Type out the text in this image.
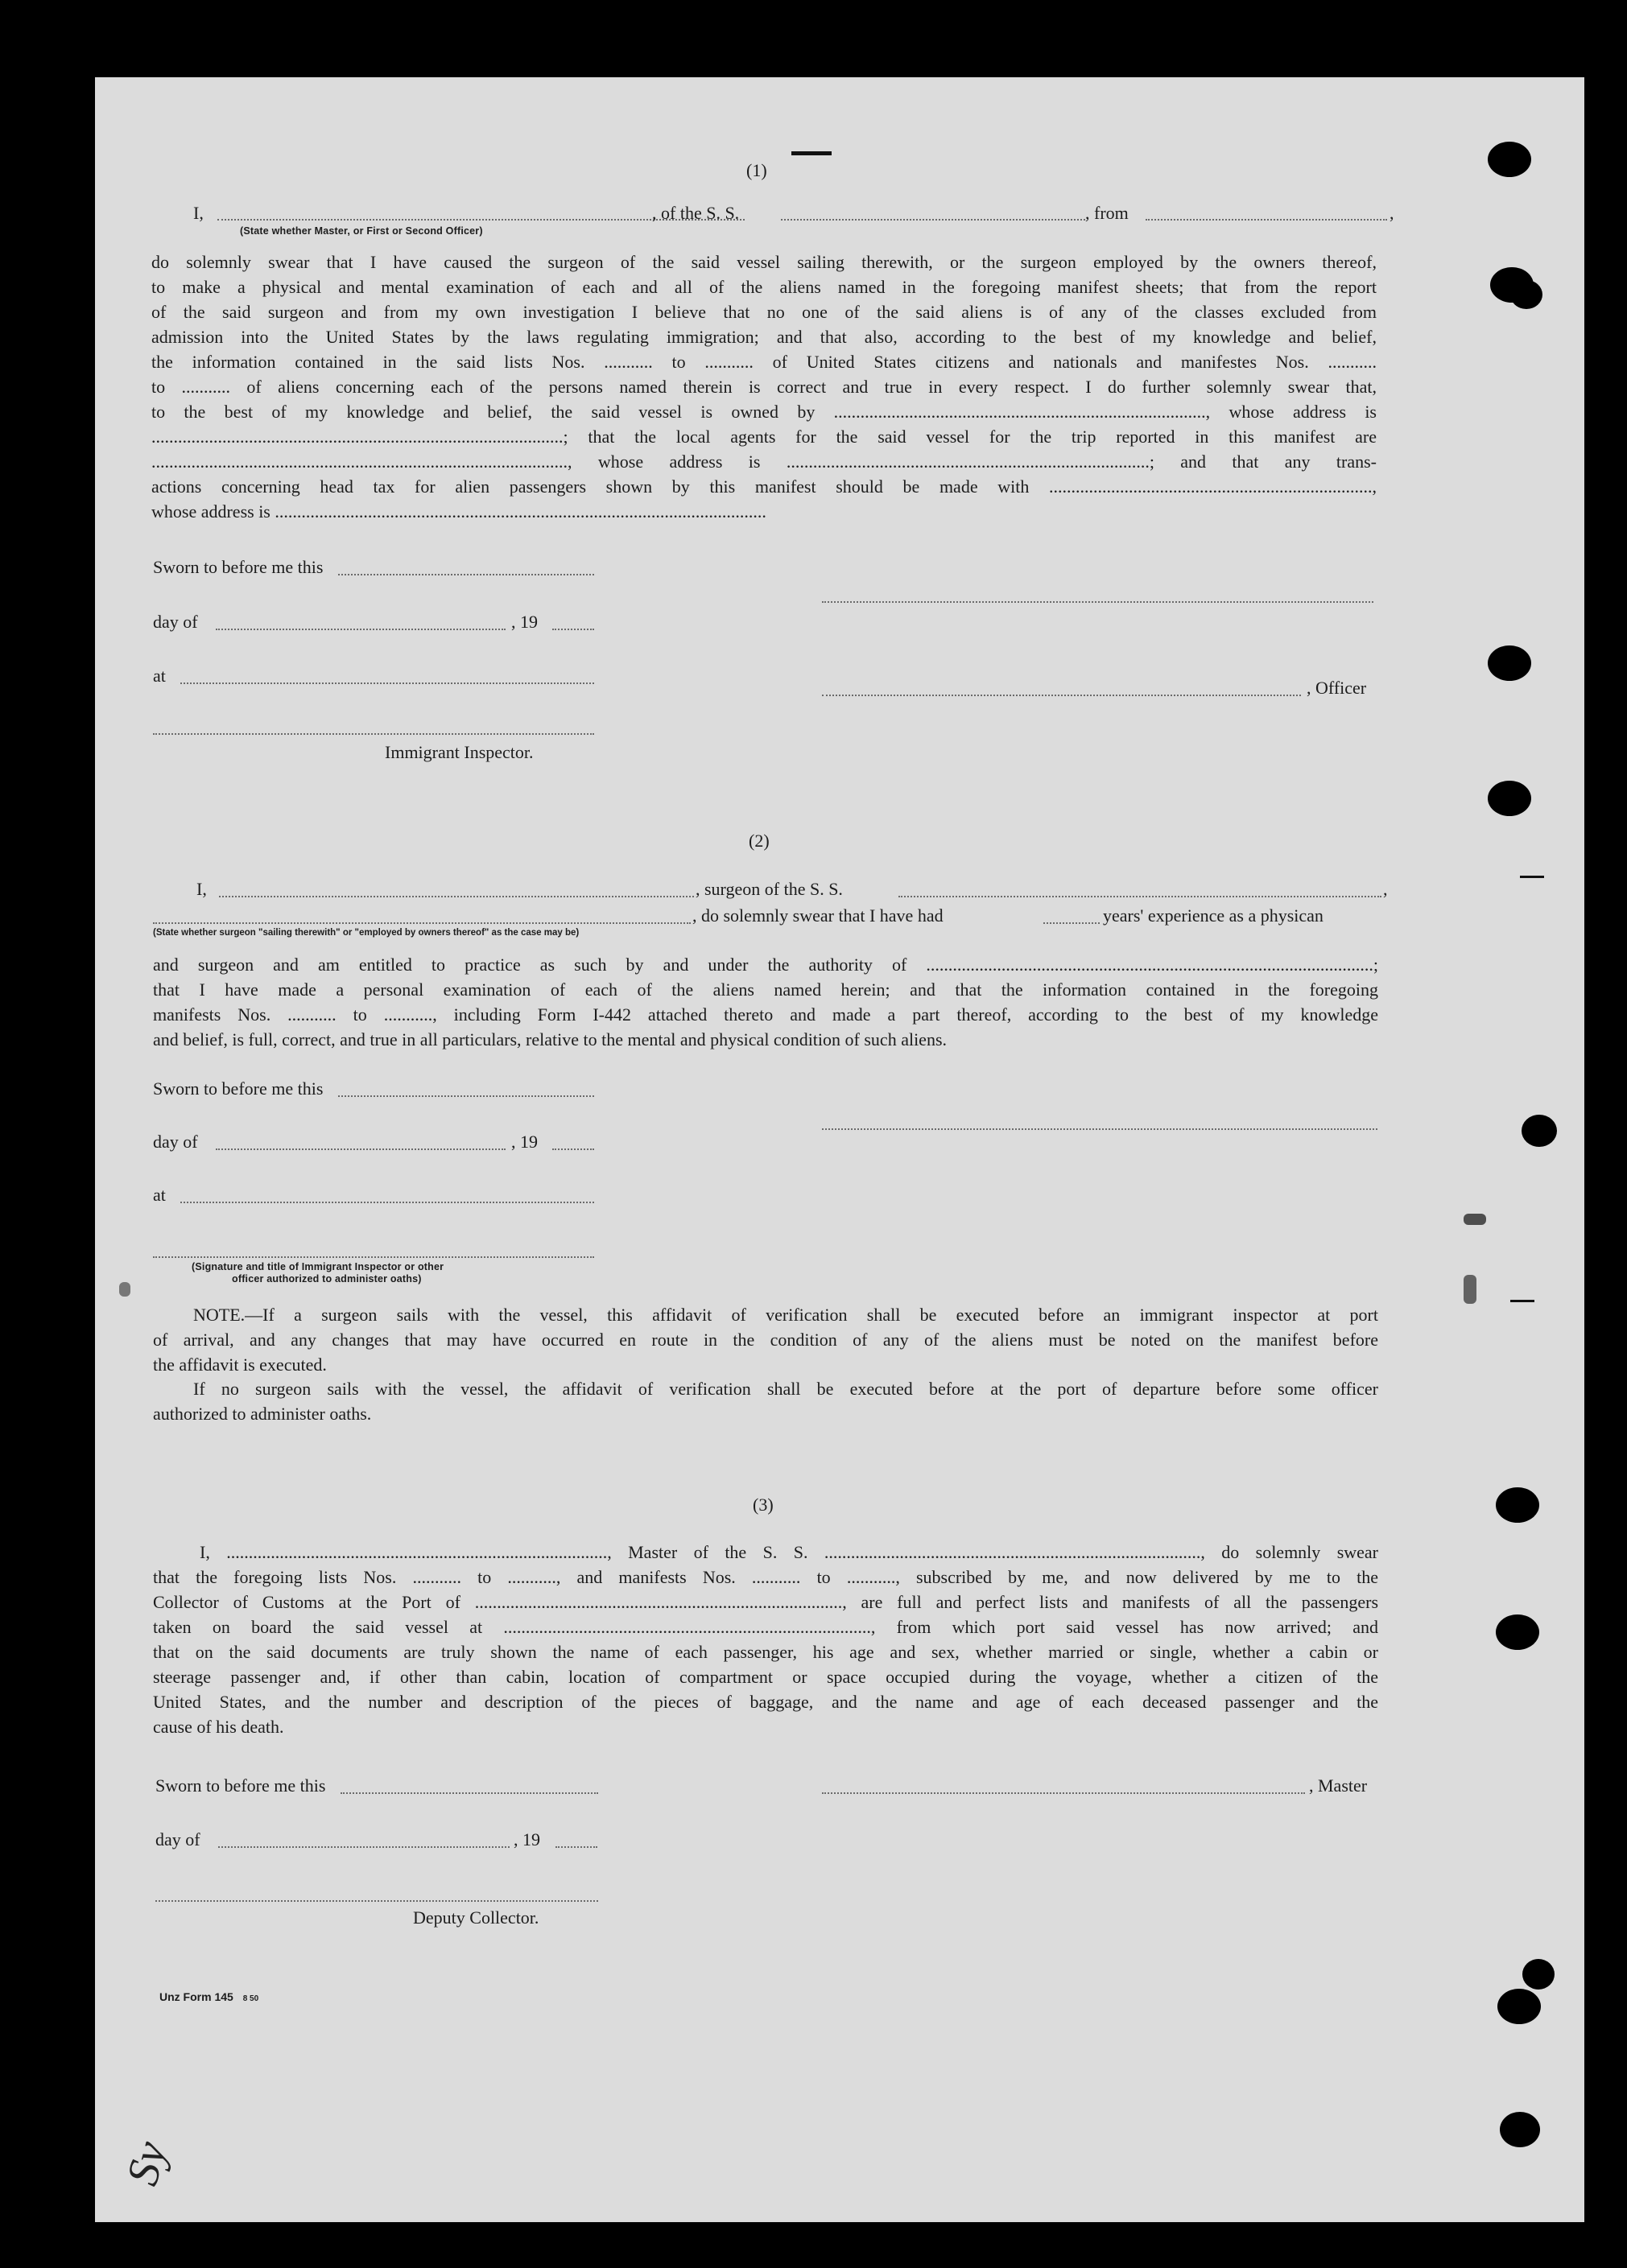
(1)
I,	, of the S. S.	, from	,
(State whether Master, or First or Second Officer)
do solemnly swear that I have caused the surgeon of the said vessel sailing therewith, or the surgeon employed by the owners thereof,
to make a physical and mental examination of each and all of the aliens named in the foregoing manifest sheets; that from the report
of the said surgeon and from my own investigation I believe that no one of the said aliens is of any of the classes excluded from
admission into the United States by the laws regulating immigration; and that also, according to the best of my knowledge and belief,
the information contained in the said lists Nos. ........... to ........... of United States citizens and nationals and manifestes Nos. ...........
to ........... of aliens concerning each of the persons named therein is correct and true in every respect. I do further solemnly swear that,
to the best of my knowledge and belief, the said vessel is owned by ...................................................................................., whose address is
.............................................................................................; that the local agents for the said vessel for the trip reported in this manifest are
.............................................................................................., whose address is ..................................................................................; and that any trans-
actions concerning head tax for alien passengers shown by this manifest should be made with .........................................................................,
whose address is ...............................................................................................................
Sworn to before me this
day of	, 19
at
, Officer
Immigrant Inspector.
(2)
I,	, surgeon of the S. S.	,
, do solemnly swear that I have had	years' experience as a physican
(State whether surgeon "sailing therewith" or "employed by owners thereof" as the case may be)
and surgeon and am entitled to practice as such by and under the authority of .....................................................................................................;
that I have made a personal examination of each of the aliens named herein; and that the information contained in the foregoing
manifests Nos. ........... to ..........., including Form I-442 attached thereto and made a part thereof, according to the best of my knowledge
and belief, is full, correct, and true in all particulars, relative to the mental and physical condition of such aliens.
Sworn to before me this
day of	, 19
at
(Signature and title of Immigrant Inspector or other
officer authorized to administer oaths)
NOTE.—If a surgeon sails with the vessel, this affidavit of verification shall be executed before an immigrant inspector at port
of arrival, and any changes that may have occurred en route in the condition of any of the aliens must be noted on the manifest before
the affidavit is executed.
If no surgeon sails with the vessel, the affidavit of verification shall be executed before at the port of departure before some officer
authorized to administer oaths.
(3)
I, ......................................................................................, Master of the S. S. ....................................................................................., do solemnly swear
that the foregoing lists Nos. ........... to ..........., and manifests Nos. ........... to ..........., subscribed by me, and now delivered by me to the
Collector of Customs at the Port of ..................................................................................., are full and perfect lists and manifests of all the passengers
taken on board the said vessel at ..................................................................................., from which port said vessel has now arrived; and
that on the said documents are truly shown the name of each passenger, his age and sex, whether married or single, whether a cabin or
steerage passenger and, if other than cabin, location of compartment or space occupied during the voyage, whether a citizen of the
United States, and the number and description of the pieces of baggage, and the name and age of each deceased passenger and the
cause of his death.
Sworn to before me this	, Master
day of	, 19
Deputy Collector.
Unz Form 145 8 50
Sy
